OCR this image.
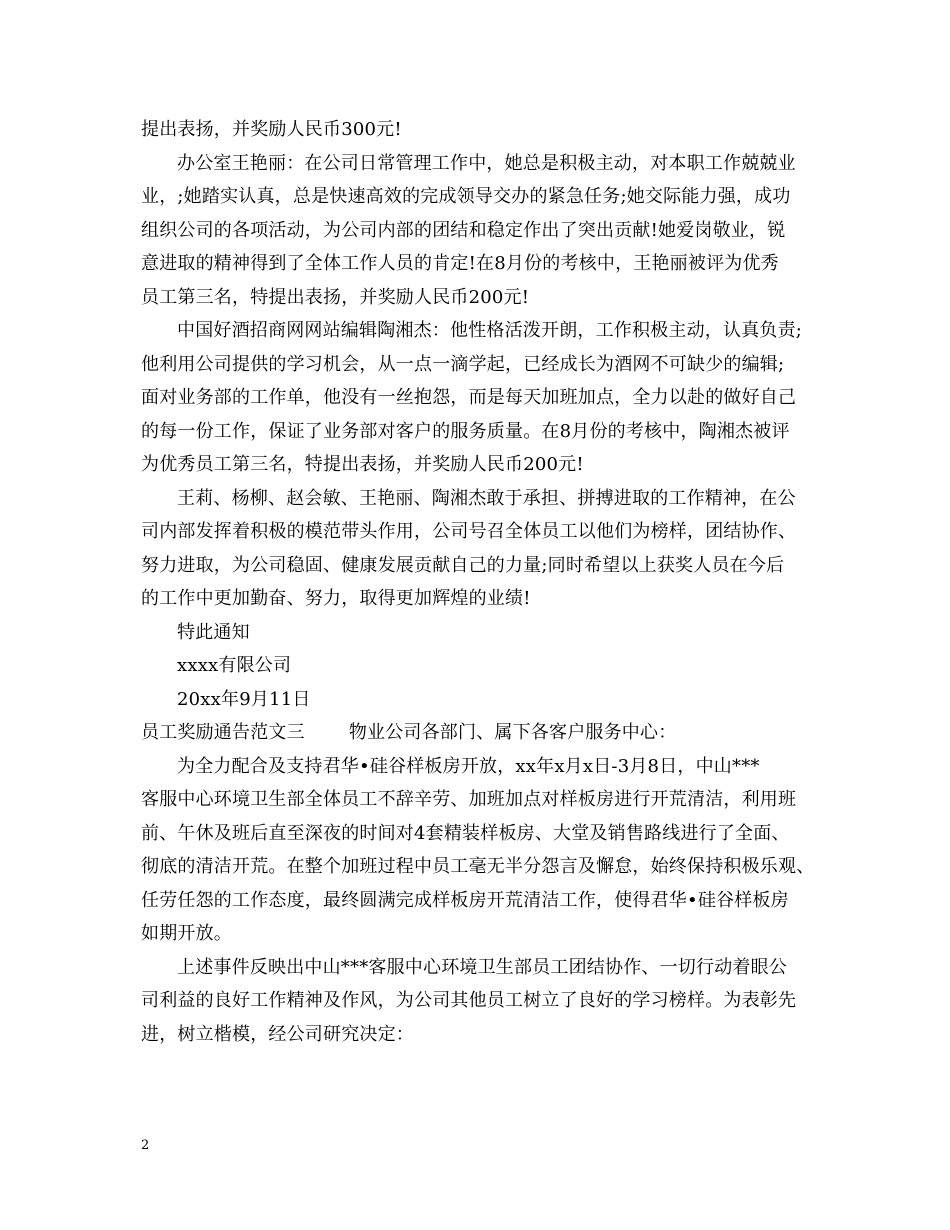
提出表扬，并奖励人民币300元!
办公室王艳丽：在公司日常管理工作中，她总是积极主动，对本职工作兢兢业
业，;她踏实认真，总是快速高效的完成领导交办的紧急任务;她交际能力强，成功
组织公司的各项活动，为公司内部的团结和稳定作出了突出贡献!她爱岗敬业，锐
意进取的精神得到了全体工作人员的肯定!在8月份的考核中，王艳丽被评为优秀
员工第三名，特提出表扬，并奖励人民币200元!
中国好酒招商网网站编辑陶湘杰：他性格活泼开朗，工作积极主动，认真负责;
他利用公司提供的学习机会，从一点一滴学起，已经成长为酒网不可缺少的编辑;
面对业务部的工作单，他没有一丝抱怨，而是每天加班加点，全力以赴的做好自己
的每一份工作，保证了业务部对客户的服务质量。在8月份的考核中，陶湘杰被评
为优秀员工第三名，特提出表扬，并奖励人民币200元!
王莉、杨柳、赵会敏、王艳丽、陶湘杰敢于承担、拼搏进取的工作精神，在公
司内部发挥着积极的模范带头作用，公司号召全体员工以他们为榜样，团结协作、
努力进取，为公司稳固、健康发展贡献自己的力量;同时希望以上获奖人员在今后
的工作中更加勤奋、努力，取得更加辉煌的业绩!
特此通知
xxxx有限公司
20xx年9月11日
员工奖励通告范文三 物业公司各部门、属下各客户服务中心：
为全力配合及支持君华•硅谷样板房开放，xx年x月x日-3月8日，中山***
客服中心环境卫生部全体员工不辞辛劳、加班加点对样板房进行开荒清洁，利用班
前、午休及班后直至深夜的时间对4套精装样板房、大堂及销售路线进行了全面、
彻底的清洁开荒。在整个加班过程中员工毫无半分怨言及懈怠，始终保持积极乐观、
任劳任怨的工作态度，最终圆满完成样板房开荒清洁工作，使得君华•硅谷样板房
如期开放。
上述事件反映出中山***客服中心环境卫生部员工团结协作、一切行动着眼公
司利益的良好工作精神及作风，为公司其他员工树立了良好的学习榜样。为表彰先
进，树立楷模，经公司研究决定：
2
